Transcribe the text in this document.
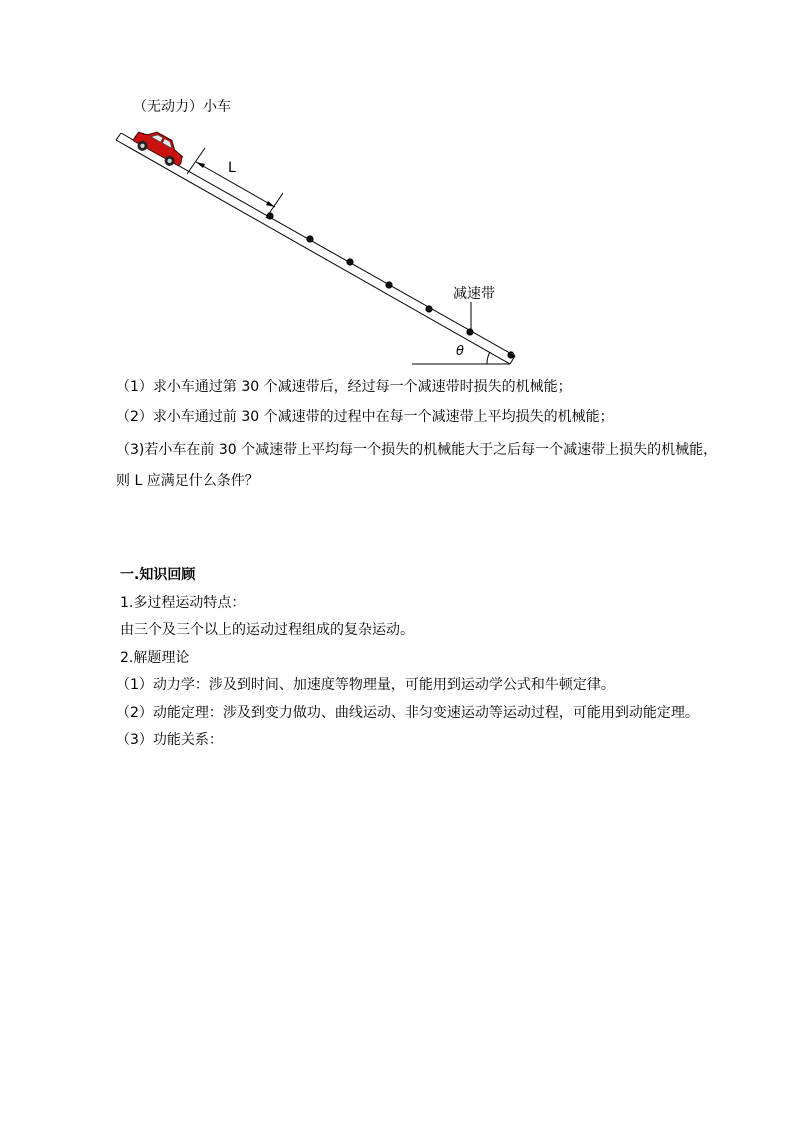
（无动力）小车
θ
L
减速带
（1）求小车通过第 30 个减速带后，经过每一个减速带时损失的机械能；
（2）求小车通过前 30 个减速带的过程中在每一个减速带上平均损失的机械能；
（3)若小车在前 30 个减速带上平均每一个损失的机械能大于之后每一个减速带上损失的机械能，
则 L 应满足什么条件？
一.知识回顾
1.多过程运动特点：
由三个及三个以上的运动过程组成的复杂运动。
2.解题理论
（1）动力学：涉及到时间、加速度等物理量，可能用到运动学公式和牛顿定律。
（2）动能定理：涉及到变力做功、曲线运动、非匀变速运动等运动过程，可能用到动能定理。
（3）功能关系：
